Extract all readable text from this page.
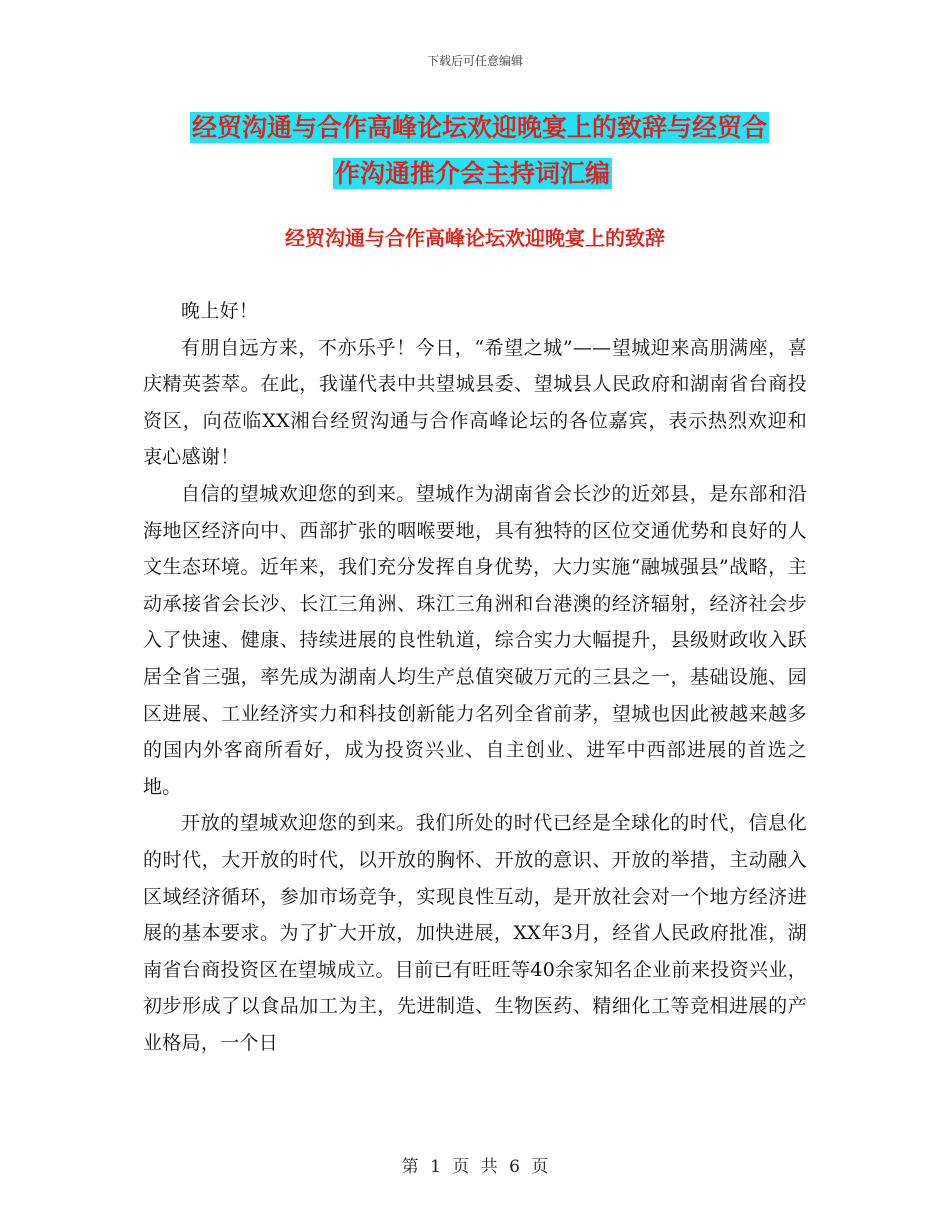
下载后可任意编辑
经贸沟通与合作高峰论坛欢迎晚宴上的致辞与经贸合
作沟通推介会主持词汇编
经贸沟通与合作高峰论坛欢迎晚宴上的致辞

晚上好！

有朋自远方来，不亦乐乎！今日，“希望之城”——望城迎来高朋满座，喜庆精英荟萃。在此，我谨代表中共望城县委、望城县人民政府和湖南省台商投资区，向莅临XX湘台经贸沟通与合作高峰论坛的各位嘉宾，表示热烈欢迎和衷心感谢！

自信的望城欢迎您的到来。望城作为湖南省会长沙的近郊县，是东部和沿海地区经济向中、西部扩张的咽喉要地，具有独特的区位交通优势和良好的人文生态环境。近年来，我们充分发挥自身优势，大力实施“融城强县”战略，主动承接省会长沙、长江三角洲、珠江三角洲和台港澳的经济辐射，经济社会步入了快速、健康、持续进展的良性轨道，综合实力大幅提升，县级财政收入跃居全省三强，率先成为湖南人均生产总值突破万元的三县之一，基础设施、园区进展、工业经济实力和科技创新能力名列全省前茅，望城也因此被越来越多的国内外客商所看好，成为投资兴业、自主创业、进军中西部进展的首选之地。

开放的望城欢迎您的到来。我们所处的时代已经是全球化的时代，信息化的时代，大开放的时代，以开放的胸怀、开放的意识、开放的举措，主动融入区域经济循环，参加市场竞争，实现良性互动，是开放社会对一个地方经济进展的基本要求。为了扩大开放，加快进展，XX年3月，经省人民政府批准，湖南省台商投资区在望城成立。目前已有旺旺等40余家知名企业前来投资兴业，初步形成了以食品加工为主，先进制造、生物医药、精细化工等竞相进展的产业格局，一个日

第 1 页 共 6 页
